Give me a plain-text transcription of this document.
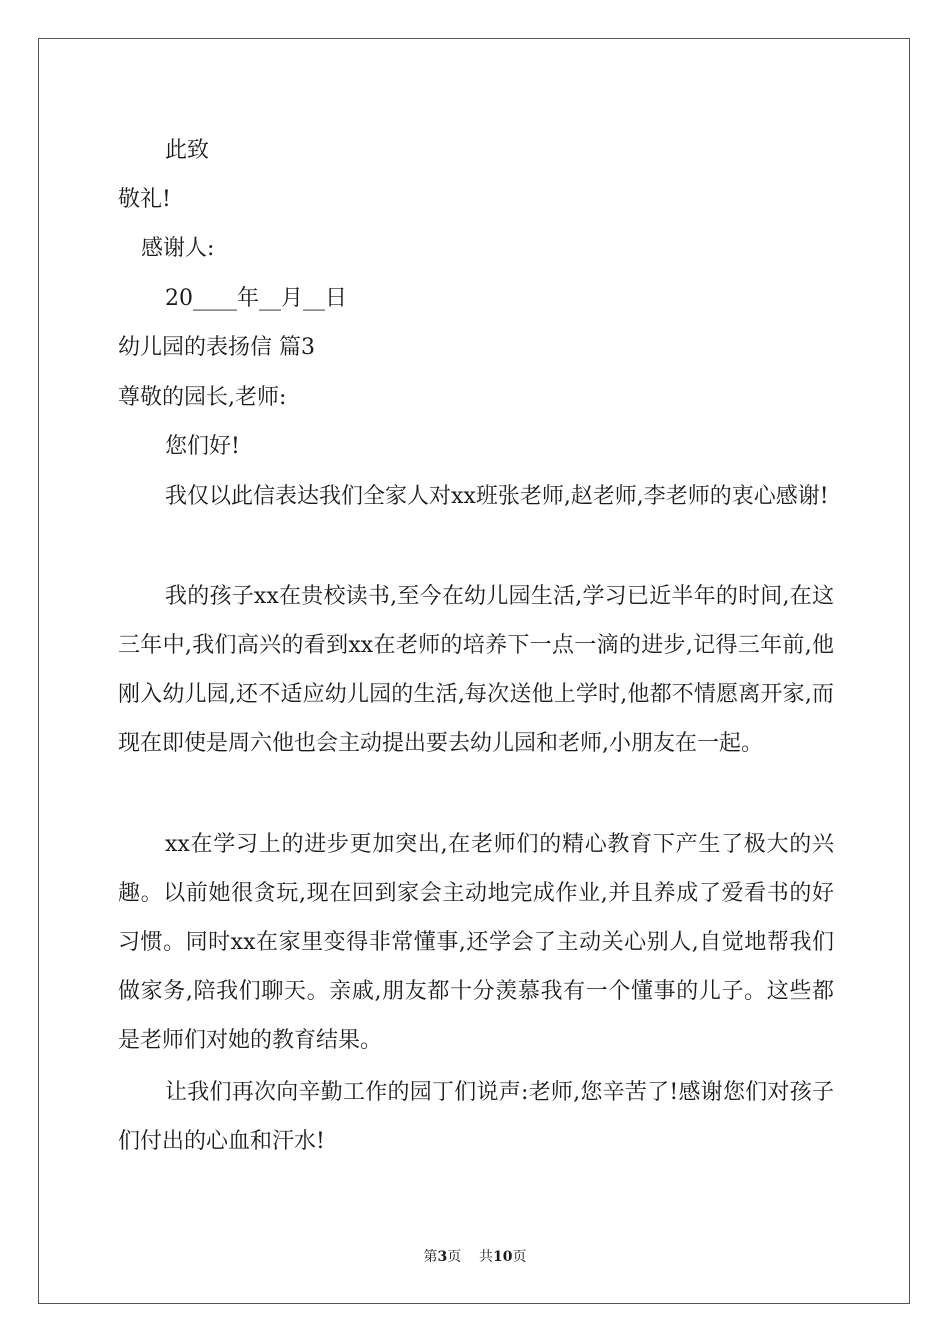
此致
敬礼!
感谢人:
20____年__月__日
幼儿园的表扬信 篇3
尊敬的园长,老师:
您们好!
我仅以此信表达我们全家人对xx班张老师,赵老师,李老师的衷心感谢!
我的孩子xx在贵校读书,至今在幼儿园生活,学习已近半年的时间,在这三年中,我们高兴的看到xx在老师的培养下一点一滴的进步,记得三年前,他刚入幼儿园,还不适应幼儿园的生活,每次送他上学时,他都不情愿离开家,而现在即使是周六他也会主动提出要去幼儿园和老师,小朋友在一起。
xx在学习上的进步更加突出,在老师们的精心教育下产生了极大的兴趣。以前她很贪玩,现在回到家会主动地完成作业,并且养成了爱看书的好习惯。同时xx在家里变得非常懂事,还学会了主动关心别人,自觉地帮我们做家务,陪我们聊天。亲戚,朋友都十分羡慕我有一个懂事的儿子。这些都是老师们对她的教育结果。
让我们再次向辛勤工作的园丁们说声:老师,您辛苦了!感谢您们对孩子们付出的心血和汗水!
第3页 共10页
